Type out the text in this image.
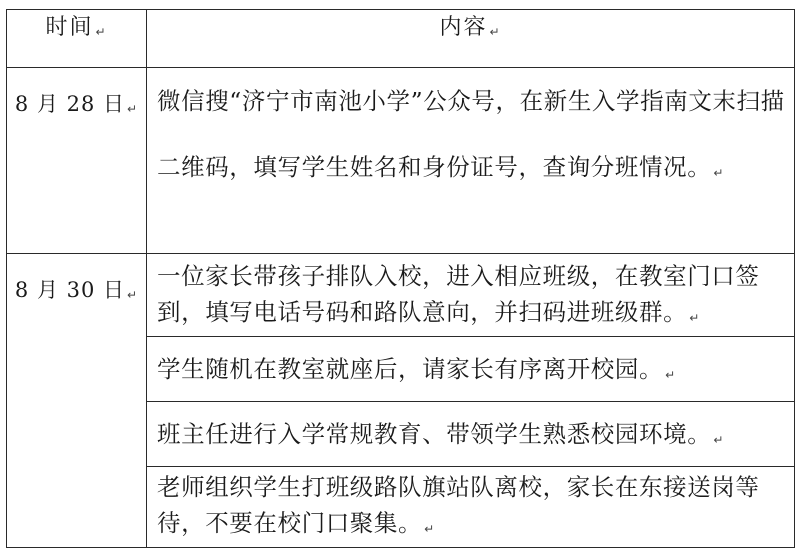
时间 ↵	内容 ↵
8 月 28 日 ↵	微信搜“济宁市南池小学”公众号，在新生入学指南文末扫描二维码，填写学生姓名和身份证号，查询分班情况。 ↵

8 月 30 日 ↵	一位家长带孩子排队入校，进入相应班级，在教室门口签到，填写电话号码和路队意向，并扫码进班级群。 ↵

	学生随机在教室就座后，请家长有序离开校园。 ↵

	班主任进行入学常规教育、带领学生熟悉校园环境。 ↵

	老师组织学生打班级路队旗站队离校，家长在东接送岗等待，不要在校门口聚集。 ↵
